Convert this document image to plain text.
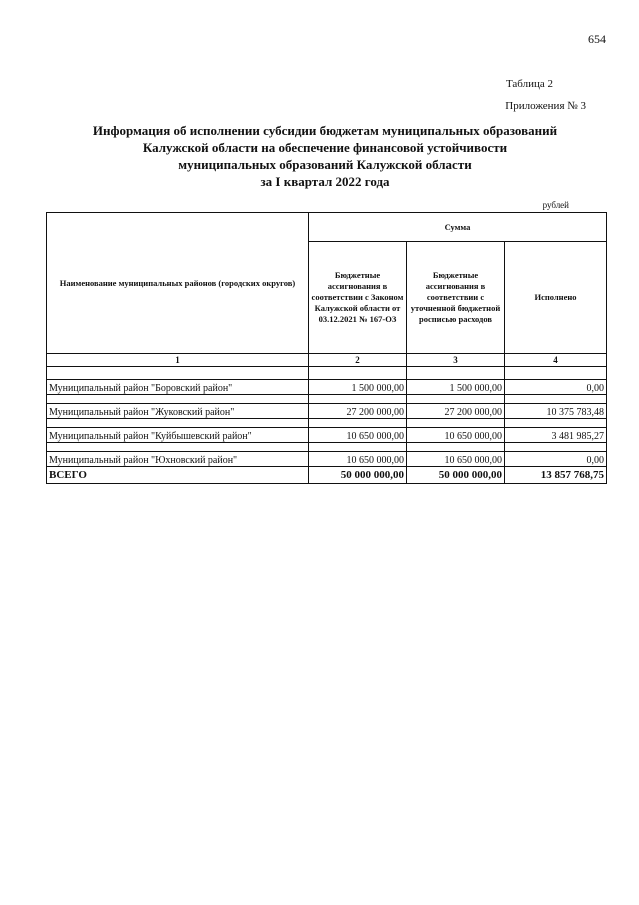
654
Таблица 2
Приложения № 3
Информация об исполнении субсидии бюджетам муниципальных образований
Калужской области на обеспечение финансовой устойчивости
муниципальных образований Калужской области
за I квартал 2022 года
рублей
Наименование муниципальных районов (городских округов)	Сумма		
	Бюджетные ассигнования в соответствии с Законом Калужской области от 03.12.2021 № 167-ОЗ	Бюджетные ассигнования в соответствии с уточненной бюджетной росписью расходов	Исполнено
1	2	3	4

Муниципальный район "Боровский район"	1 500 000,00	1 500 000,00	0,00

Муниципальный район "Жуковский район"	27 200 000,00	27 200 000,00	10 375 783,48

Муниципальный район "Куйбышевский район"	10 650 000,00	10 650 000,00	3 481 985,27

Муниципальный район "Юхновский район"	10 650 000,00	10 650 000,00	0,00
ВСЕГО	50 000 000,00	50 000 000,00	13 857 768,75
